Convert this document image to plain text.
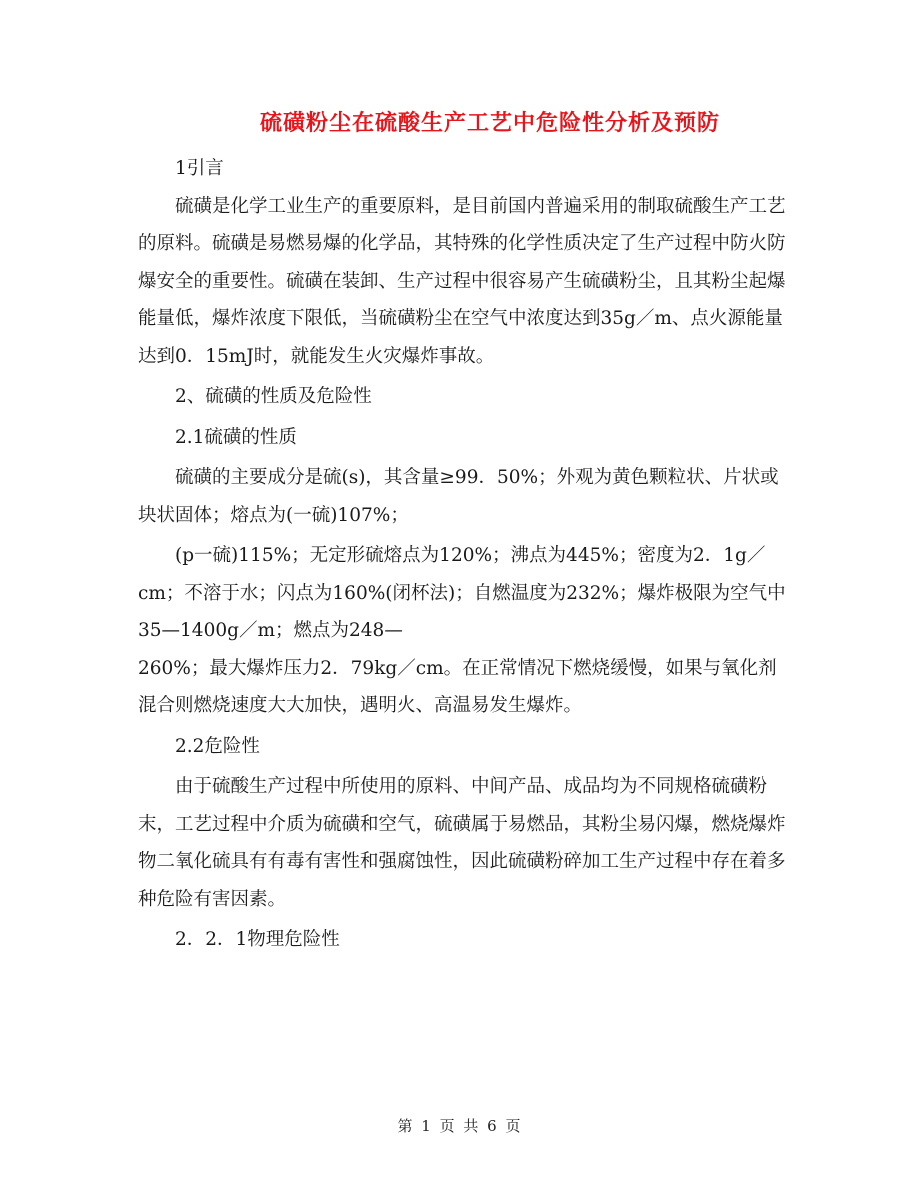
硫磺粉尘在硫酸生产工艺中危险性分析及预防

1引言

硫磺是化学工业生产的重要原料，是目前国内普遍采用的制取硫酸生产工艺的原料。硫磺是易燃易爆的化学品，其特殊的化学性质决定了生产过程中防火防爆安全的重要性。硫磺在装卸、生产过程中很容易产生硫磺粉尘，且其粉尘起爆能量低，爆炸浓度下限低，当硫磺粉尘在空气中浓度达到35g／m、点火源能量达到0．15mJ时，就能发生火灾爆炸事故。

2、硫磺的性质及危险性

2.1硫磺的性质

硫磺的主要成分是硫(s)，其含量≥99．50%；外观为黄色颗粒状、片状或块状固体；熔点为(一硫)107%；

(p一硫)115%；无定形硫熔点为120%；沸点为445%；密度为2．1g／cm；不溶于水；闪点为160%(闭杯法)；自燃温度为232%；爆炸极限为空气中35—1400g／m；燃点为248—

260%；最大爆炸压力2．79kg／cm。在正常情况下燃烧缓慢，如果与氧化剂混合则燃烧速度大大加快，遇明火、高温易发生爆炸。

2.2危险性

由于硫酸生产过程中所使用的原料、中间产品、成品均为不同规格硫磺粉末，工艺过程中介质为硫磺和空气，硫磺属于易燃品，其粉尘易闪爆，燃烧爆炸物二氧化硫具有有毒有害性和强腐蚀性，因此硫磺粉碎加工生产过程中存在着多种危险有害因素。

2．2．1物理危险性

第 1 页 共 6 页
